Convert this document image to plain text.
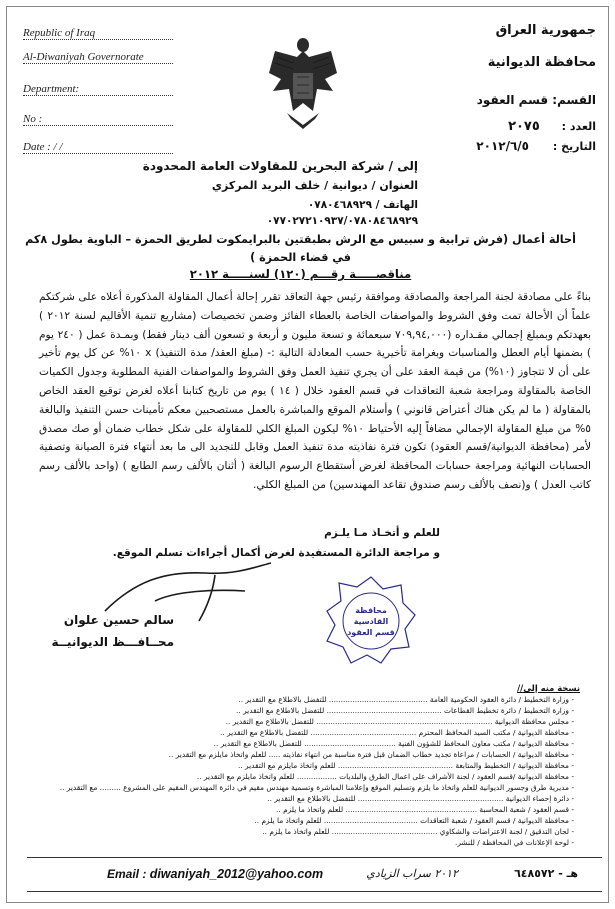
Republic of Iraq
Al-Diwaniyah Governorate
Department:
No :
Date : / /
جمهورية العراق
محافظة الديوانية
القسم: قسم العقود
العدد : ٢٠٧٥
التاريخ : ٢٠١٢/٦/٥
إلى / شركة البحرين للمقاولات العامة المحدودة
العنوان / ديوانية / خلف البريد المركزي
الهاتف / ٠٧٨٠٤٦٨٩٢٩
٠٧٧٠٢٧٢١٠٩٣٧/٠٧٨٠٨٤٦٨٩٢٩
أحالة أعمال (فرش ترابية و سبيس مع الرش بطبقتين بالبرايمكوت لطريق الحمزة – الباوية بطول ٨كم
في قضاء الحمزة )
مناقصـــــة رقـــم (١٢٠) لسنـــــة ٢٠١٢
بناءً على مصادقة لجنة المراجعة والمصادقة وموافقة رئيس جهة التعاقد تقرر إحالة أعمال المقاولة المذكورة أعلاه على شركتكم علماً أن الأحالة تمت وفق الشروط والمواصفات الخاصة بالعطاء الفائز وضمن تخصيصات (مشاريع تنمية الأقاليم لسنة ٢٠١٢ ) بعهدتكم وبمبلغ إجمالي مقـداره (٧٠٩,٩٤,٠٠٠ سبعمائة و تسعة مليون و أربعة و تسعون ألف دينار فقط) وبمـدة عمل ( ٢٤٠ يوم ) بضمنها أيام العطل والمناسبات وبغرامة تأخيرية حسب المعادلة التالية :- (مبلغ العقد/ مدة التنفيذ) x ١٠% عن كل يوم تأخير على أن لا تتجاوز (١٠%) من قيمة العقد على أن يجري تنفيذ العمل وفق الشروط والمواصفات الفنية المطلوبة وجدول الكميات الخاصة بالمقاولة ومراجعة شعبة التعاقدات في قسم العقود خلال ( ١٤ ) يوم من تاريخ كتابنا أعلاه لغرض توقيع العقد الخاص بالمقاولة ( ما لم يكن هناك أعتراض قانوني ) وأستلام الموقع والمباشرة بالعمل مستصحبين معكم تأمينات حسن التنفيذ والبالغة ٥% من مبلغ المقاولة الإجمالي مضافاً إليه الأحتياط ١٠% ليكون المبلغ الكلي للمقاولة على شكل خطاب ضمان أو صك مصدق لأمر (محافظة الديوانية/قسم العقود) تكون فترة نفاذيته مدة تنفيذ العمل وقابل للتجديد الى ما بعد أنتهاء فترة الصيانة وتصفية الحسابات النهائية ومراجعة حسابات المحافظة لغرض أستقطاع الرسوم البالغة ( أثنان بالألف رسم الطابع ) (واحد بالألف رسم كاتب العدل ) و(نصف بالألف رسم صندوق تقاعد المهندسين) من المبلغ الكلي.
للعلم و أتخـاذ مـا يلـزم
و مراجعة الدائرة المستفيدة لغرض أكمال أجراءات تسلم الموقع.
سالم حسين علوان
محــافـــظ الديوانيــة
محافظة القادسية قسم العقود
نسخة منه إلى//
- وزارة التخطيط / دائرة العقود الحكومية العامة .......................................... للتفضل بالاطلاع مع التقدير ..
- وزارة التخطيط / دائرة تخطيط القطاعات ................................................. للتفضل بالاطلاع مع التقدير ..
- مجلس محافظة الديوانية ........................................................................... للتفضل بالاطلاع مع التقدير ..
- محافظة الديوانية / مكتب السيد المحافظ المحترم ............................................. للتفضل بالاطلاع مع التقدير ..
- محافظة الديوانية / مكتب معاون المحافظ للشؤون الفنية ....................................... للتفضل بالاطلاع مع التقدير ..
- محافظة الديوانية / الحسابات / مراعاة تجديد خطاب الضمان قبل فترة مناسبة من انتهاء نفاذيته ..... للعلم واتخاذ مايلزم مع التقدير ..
- محافظة الديوانية / التخطيط والمتابعة ................................................. للعلم واتخاذ مايلزم مع التقدير ..
- محافظة الديوانية /قسم العقود / لجنة الأشراف على اعمال الطرق والبلديات ................. للعلم واتخاذ مايلزم مع التقدير ..
- مديرية طرق وجسور الديوانية للعلم واتخاذ ما يلزم وتسليم الموقع وإعلامنا المباشرة وتسمية مهندس مقيم في دائرة المهندس المقيم على المشروع ......... مع التقدير ..
- دائرة إحصاء الديوانية .............................................................. للتفضل بالاطلاع مع التقدير ..
- قسم العقود / شعبة المحاسبة ........................................................ للعلم واتخاذ ما يلزم ..
- محافظة الديوانية / قسم العقود / شعبة التعاقدات ........................................ للعلم واتخاذ ما يلزم ..
- لجان التدقيق / لجنة الاعتراضات والشكاوي ............................................. للعلم واتخاذ ما يلزم ..
- لوحة الإعلانات في المحافظة / للنشر.
Email : diwaniyah_2012@yahoo.com	٢٠١٢ سراب الزيادي	هـ - ٦٤٨٥٧٢
